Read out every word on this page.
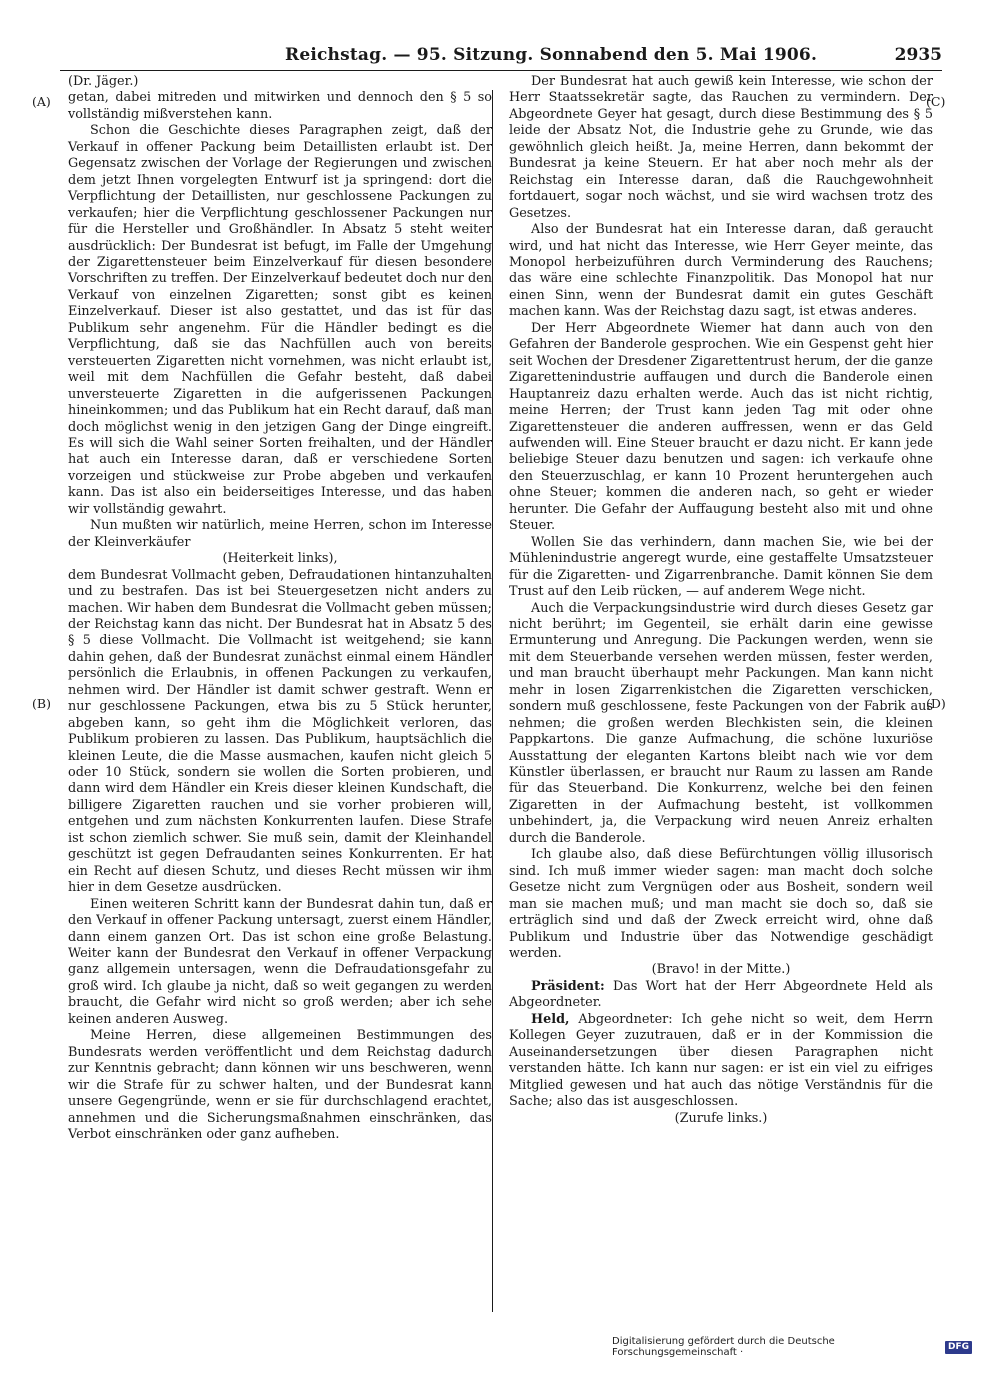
Reichstag. — 95. Sitzung. Sonnabend den 5. Mai 1906.	2935
(A)
(B)
(C)
(D)

(Dr. Jäger.)

getan, dabei mitreden und mitwirken und dennoch den § 5 so vollständig mißverstehen kann.

Schon die Geschichte dieses Paragraphen zeigt, daß der Verkauf in offener Packung beim Detaillisten erlaubt ist. Der Gegensatz zwischen der Vorlage der Regierungen und zwischen dem jetzt Ihnen vorgelegten Entwurf ist ja springend: dort die Verpflichtung der Detaillisten, nur geschlossene Packungen zu verkaufen; hier die Verpflichtung geschlossener Packungen nur für die Hersteller und Großhändler. In Absatz 5 steht weiter ausdrücklich: Der Bundesrat ist befugt, im Falle der Umgehung der Zigarettensteuer beim Einzelverkauf für diesen besondere Vorschriften zu treffen. Der Einzelverkauf bedeutet doch nur den Verkauf von einzelnen Zigaretten; sonst gibt es keinen Einzelverkauf. Dieser ist also gestattet, und das ist für das Publikum sehr angenehm. Für die Händler bedingt es die Verpflichtung, daß sie das Nachfüllen auch von bereits versteuerten Zigaretten nicht vornehmen, was nicht erlaubt ist, weil mit dem Nachfüllen die Gefahr besteht, daß dabei unversteuerte Zigaretten in die aufgerissenen Packungen hineinkommen; und das Publikum hat ein Recht darauf, daß man doch möglichst wenig in den jetzigen Gang der Dinge eingreift. Es will sich die Wahl seiner Sorten freihalten, und der Händler hat auch ein Interesse daran, daß er verschiedene Sorten vorzeigen und stückweise zur Probe abgeben und verkaufen kann. Das ist also ein beiderseitiges Interesse, und das haben wir vollständig gewahrt.

Nun mußten wir natürlich, meine Herren, schon im Interesse der Kleinverkäufer

(Heiterkeit links),

dem Bundesrat Vollmacht geben, Defraudationen hintanzuhalten und zu bestrafen. Das ist bei Steuergesetzen nicht anders zu machen. Wir haben dem Bundesrat die Vollmacht geben müssen; der Reichstag kann das nicht. Der Bundesrat hat in Absatz 5 des § 5 diese Vollmacht. Die Vollmacht ist weitgehend; sie kann dahin gehen, daß der Bundesrat zunächst einmal einem Händler persönlich die Erlaubnis, in offenen Packungen zu verkaufen, nehmen wird. Der Händler ist damit schwer gestraft. Wenn er nur geschlossene Packungen, etwa bis zu 5 Stück herunter, abgeben kann, so geht ihm die Möglichkeit verloren, das Publikum probieren zu lassen. Das Publikum, hauptsächlich die kleinen Leute, die die Masse ausmachen, kaufen nicht gleich 5 oder 10 Stück, sondern sie wollen die Sorten probieren, und dann wird dem Händler ein Kreis dieser kleinen Kundschaft, die billigere Zigaretten rauchen und sie vorher probieren will, entgehen und zum nächsten Konkurrenten laufen. Diese Strafe ist schon ziemlich schwer. Sie muß sein, damit der Kleinhandel geschützt ist gegen Defraudanten seines Konkurrenten. Er hat ein Recht auf diesen Schutz, und dieses Recht müssen wir ihm hier in dem Gesetze ausdrücken.

Einen weiteren Schritt kann der Bundesrat dahin tun, daß er den Verkauf in offener Packung untersagt, zuerst einem Händler, dann einem ganzen Ort. Das ist schon eine große Belastung. Weiter kann der Bundesrat den Verkauf in offener Verpackung ganz allgemein untersagen, wenn die Defraudationsgefahr zu groß wird. Ich glaube ja nicht, daß so weit gegangen zu werden braucht, die Gefahr wird nicht so groß werden; aber ich sehe keinen anderen Ausweg.

Meine Herren, diese allgemeinen Bestimmungen des Bundesrats werden veröffentlicht und dem Reichstag dadurch zur Kenntnis gebracht; dann können wir uns beschweren, wenn wir die Strafe für zu schwer halten, und der Bundesrat kann unsere Gegengründe, wenn er sie für durchschlagend erachtet, annehmen und die Sicherungsmaßnahmen einschränken, das Verbot einschränken oder ganz aufheben.

Der Bundesrat hat auch gewiß kein Interesse, wie schon der Herr Staatssekretär sagte, das Rauchen zu vermindern. Der Abgeordnete Geyer hat gesagt, durch diese Bestimmung des § 5 leide der Absatz Not, die Industrie gehe zu Grunde, wie das gewöhnlich gleich heißt. Ja, meine Herren, dann bekommt der Bundesrat ja keine Steuern. Er hat aber noch mehr als der Reichstag ein Interesse daran, daß die Rauchgewohnheit fortdauert, sogar noch wächst, und sie wird wachsen trotz des Gesetzes.

Also der Bundesrat hat ein Interesse daran, daß geraucht wird, und hat nicht das Interesse, wie Herr Geyer meinte, das Monopol herbeizuführen durch Verminderung des Rauchens; das wäre eine schlechte Finanzpolitik. Das Monopol hat nur einen Sinn, wenn der Bundesrat damit ein gutes Geschäft machen kann. Was der Reichstag dazu sagt, ist etwas anderes.

Der Herr Abgeordnete Wiemer hat dann auch von den Gefahren der Banderole gesprochen. Wie ein Gespenst geht hier seit Wochen der Dresdener Zigarettentrust herum, der die ganze Zigarettenindustrie auffaugen und durch die Banderole einen Hauptanreiz dazu erhalten werde. Auch das ist nicht richtig, meine Herren; der Trust kann jeden Tag mit oder ohne Zigarettensteuer die anderen auffressen, wenn er das Geld aufwenden will. Eine Steuer braucht er dazu nicht. Er kann jede beliebige Steuer dazu benutzen und sagen: ich verkaufe ohne den Steuerzuschlag, er kann 10 Prozent heruntergehen auch ohne Steuer; kommen die anderen nach, so geht er wieder herunter. Die Gefahr der Auffaugung besteht also mit und ohne Steuer.

Wollen Sie das verhindern, dann machen Sie, wie bei der Mühlenindustrie angeregt wurde, eine gestaffelte Umsatzsteuer für die Zigaretten- und Zigarrenbranche. Damit können Sie dem Trust auf den Leib rücken, — auf anderem Wege nicht.

Auch die Verpackungsindustrie wird durch dieses Gesetz gar nicht berührt; im Gegenteil, sie erhält darin eine gewisse Ermunterung und Anregung. Die Packungen werden, wenn sie mit dem Steuerbande versehen werden müssen, fester werden, und man braucht überhaupt mehr Packungen. Man kann nicht mehr in losen Zigarrenkistchen die Zigaretten verschicken, sondern muß geschlossene, feste Packungen von der Fabrik aus nehmen; die großen werden Blechkisten sein, die kleinen Pappkartons. Die ganze Aufmachung, die schöne luxuriöse Ausstattung der eleganten Kartons bleibt nach wie vor dem Künstler überlassen, er braucht nur Raum zu lassen am Rande für das Steuerband. Die Konkurrenz, welche bei den feinen Zigaretten in der Aufmachung besteht, ist vollkommen unbehindert, ja, die Verpackung wird neuen Anreiz erhalten durch die Banderole.

Ich glaube also, daß diese Befürchtungen völlig illusorisch sind. Ich muß immer wieder sagen: man macht doch solche Gesetze nicht zum Vergnügen oder aus Bosheit, sondern weil man sie machen muß; und man macht sie doch so, daß sie erträglich sind und daß der Zweck erreicht wird, ohne daß Publikum und Industrie über das Notwendige geschädigt werden.

(Bravo! in der Mitte.)

Präsident: Das Wort hat der Herr Abgeordnete Held als Abgeordneter.

Held, Abgeordneter: Ich gehe nicht so weit, dem Herrn Kollegen Geyer zuzutrauen, daß er in der Kommission die Auseinandersetzungen über diesen Paragraphen nicht verstanden hätte. Ich kann nur sagen: er ist ein viel zu eifriges Mitglied gewesen und hat auch das nötige Verständnis für die Sache; also das ist ausgeschlossen.

(Zurufe links.)

Digitalisierung gefördert durch die Deutsche Forschungsgemeinschaft ·	DFG
